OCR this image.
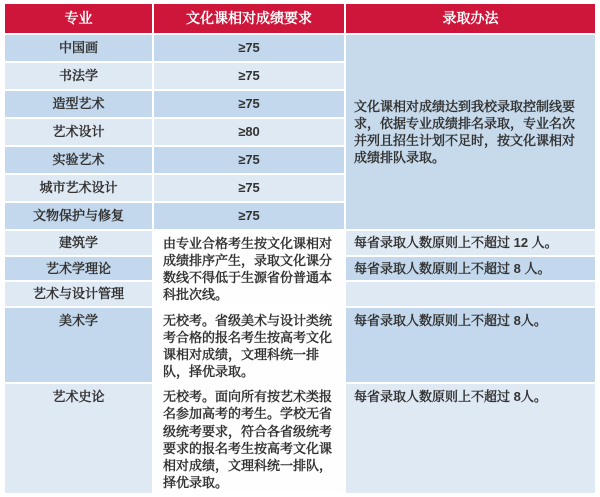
专业	文化课相对成绩要求	录取办法
中国画	≥75	文化课相对成绩达到我校录取控制线要求，依据专业成绩排名录取，专业名次并列且招生计划不足时，按文化课相对成绩排队录取。
书法学	≥75	
造型艺术	≥75	
艺术设计	≥80	
实验艺术	≥75	
城市艺术设计	≥75	
文物保护与修复	≥75	
建筑学	由专业合格考生按文化课相对成绩排序产生，录取文化课分数线不得低于生源省份普通本科批次线。	每省录取人数原则上不超过 12 人。
艺术学理论		每省录取人数原则上不超过 8 人。
艺术与设计管理		
美术学	无校考。省级美术与设计类统考合格的报名考生按高考文化课相对成绩，文理科统一排队，择优录取。	每省录取人数原则上不超过 8人。
艺术史论	无校考。面向所有按艺术类报名参加高考的考生。学校无省级统考要求，符合各省级统考要求的报名考生按高考文化课相对成绩，文理科统一排队，择优录取。	每省录取人数原则上不超过 8人。
